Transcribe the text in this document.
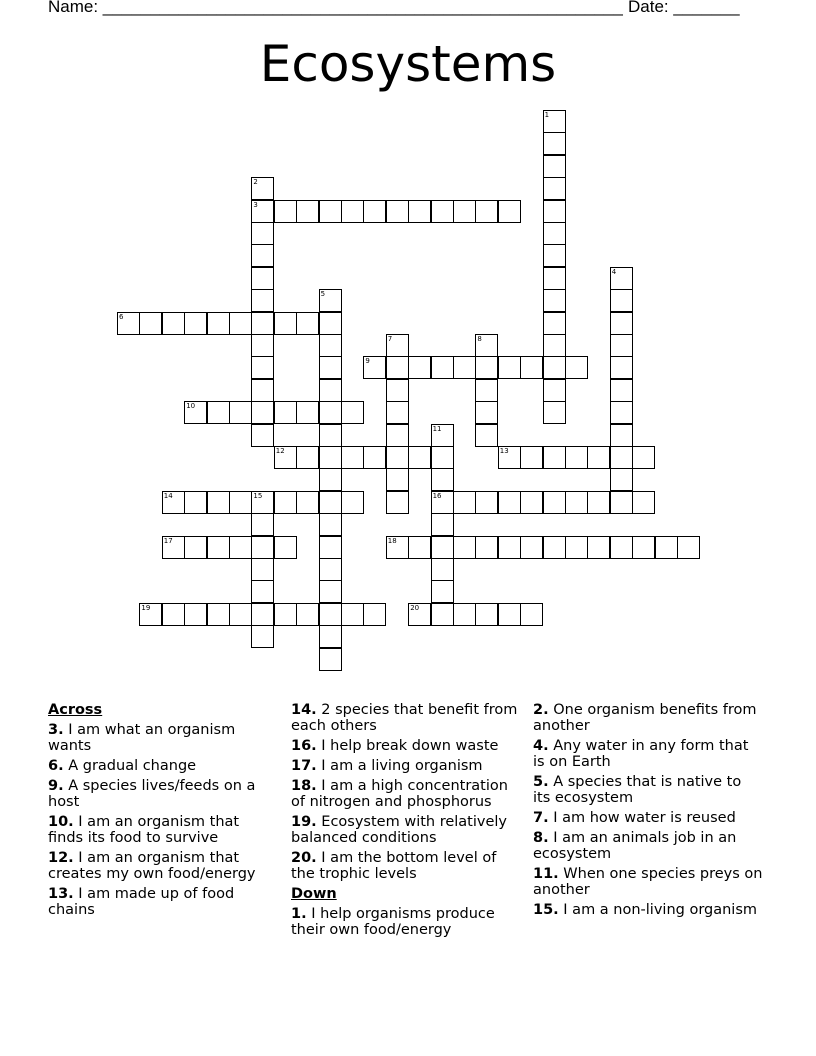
Name: _______________________________________________________ Date: _______
Ecosystems
1
2
3
4
5
6
7	8
9
10
11
16
12	13
14	15
17	18
19	20
Across
3. I am what an organism wants
6. A gradual change
9. A species lives/feeds on a host
10. I am an organism that finds its food to survive
12. I am an organism that creates my own food/energy
13. I am made up of food chains
14. 2 species that benefit from each others
16. I help break down waste
17. I am a living organism
18. I am a high concentration of nitrogen and phosphorus
19. Ecosystem with relatively balanced conditions
20. I am the bottom level of the trophic levels
Down
1. I help organisms produce their own food/energy
2. One organism benefits from another
4. Any water in any form that is on Earth
5. A species that is native to its ecosystem
7. I am how water is reused
8. I am an animals job in an ecosystem
11. When one species preys on another
15. I am a non-living organism
